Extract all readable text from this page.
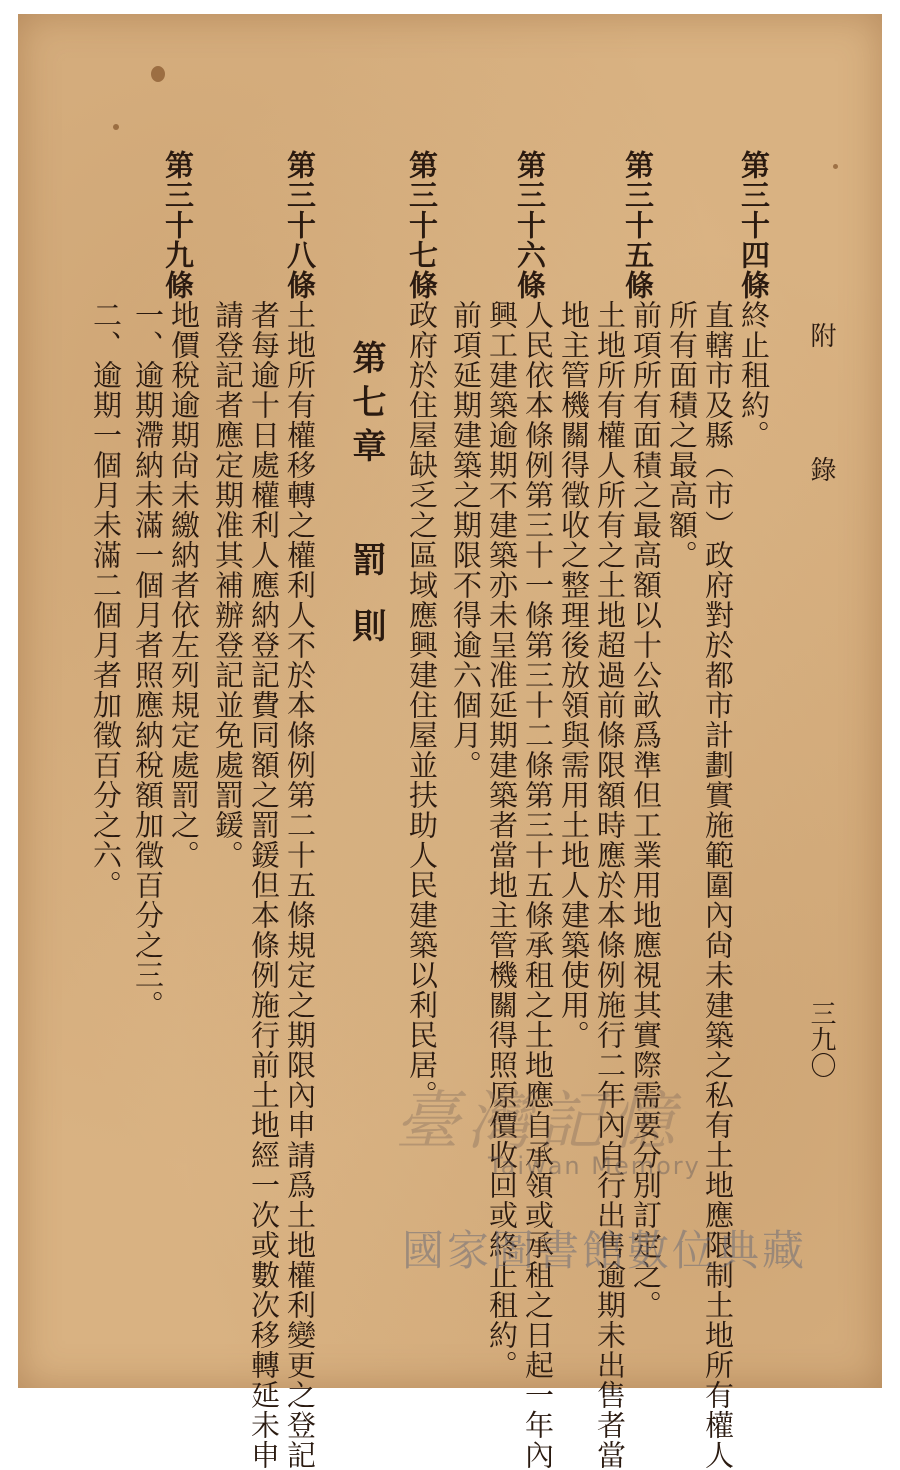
附 錄
三九〇
第三十四條
終止租約。
直轄市及縣（市）政府對於都市計劃實施範圍內尙未建築之私有土地應限制土地所有權人
所有面積之最高額。
第三十五條
前項所有面積之最高額以十公畝爲準但工業用地應視其實際需要分別訂定之。
土地所有權人所有之土地超過前條限額時應於本條例施行二年內自行出售逾期未出售者當
地主管機關得徵收之整理後放領與需用土地人建築使用。
第三十六條
人民依本條例第三十一條第三十二條第三十五條承租之土地應自承領或承租之日起一年內
興工建築逾期不建築亦未呈准延期建築者當地主管機關得照原價收回或終止租約。
前項延期建築之期限不得逾六個月。
第三十七條
政府於住屋缺乏之區域應興建住屋並扶助人民建築以利民居。
第七章罰 則
第三十八條
土地所有權移轉之權利人不於本條例第二十五條規定之期限內申請爲土地權利變更之登記
者每逾十日處權利人應納登記費同額之罰鍰但本條例施行前土地經一次或數次移轉延未申
請登記者應定期准其補辦登記並免處罰鍰。
第三十九條
地價稅逾期尙未繳納者依左列規定處罰之。
一、逾期滯納未滿一個月者照應納稅額加徵百分之三。
二、逾期一個月未滿二個月者加徵百分之六。
臺灣記憶
Taiwan Memory
國家圖書館數位典藏
